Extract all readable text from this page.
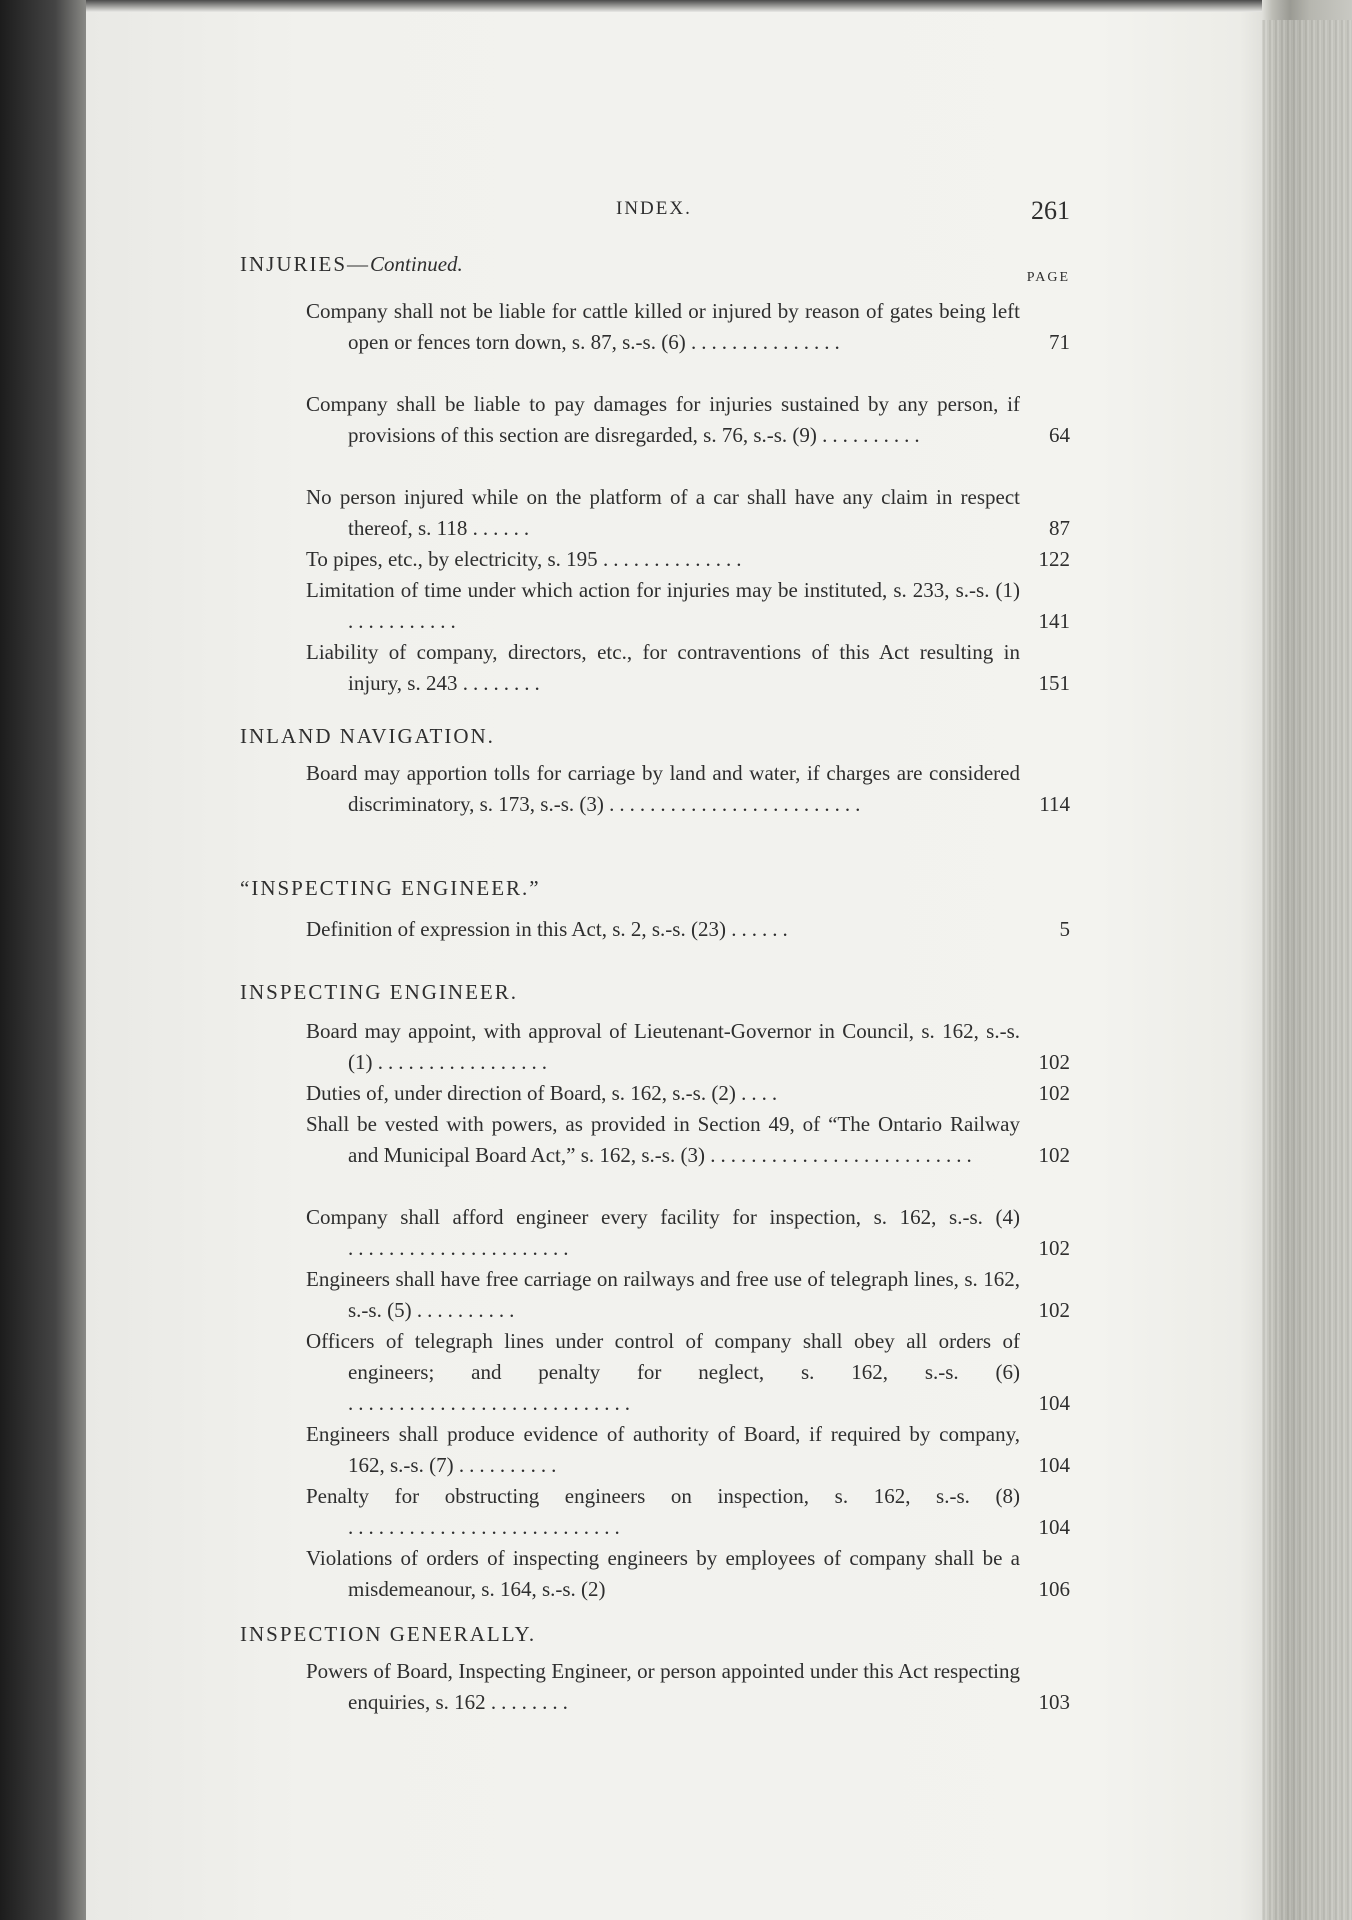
INDEX.	261
PAGE
INJURIES—Continued.
Company shall not be liable for cattle killed or injured by reason of gates being left open or fences torn down, s. 87, s.-s. (6) ...............	71
Company shall be liable to pay damages for injuries sustained by any person, if provisions of this section are disregarded, s. 76, s.-s. (9) ..........	64
No person injured while on the platform of a car shall have any claim in respect thereof, s. 118 ......	87
To pipes, etc., by electricity, s. 195 ..............	122
Limitation of time under which action for injuries may be instituted, s. 233, s.-s. (1) ...........	141
Liability of company, directors, etc., for contraventions of this Act resulting in injury, s. 243 ........	151
INLAND NAVIGATION.
Board may apportion tolls for carriage by land and water, if charges are considered discriminatory, s. 173, s.-s. (3) .........................	114
“INSPECTING ENGINEER.”
Definition of expression in this Act, s. 2, s.-s. (23) ......	5
INSPECTING ENGINEER.
Board may appoint, with approval of Lieutenant-Governor in Council, s. 162, s.-s. (1) .................	102
Duties of, under direction of Board, s. 162, s.-s. (2) ....	102
Shall be vested with powers, as provided in Section 49, of “The Ontario Railway and Municipal Board Act,” s. 162, s.-s. (3) ..........................	102
Company shall afford engineer every facility for inspection, s. 162, s.-s. (4) ......................	102
Engineers shall have free carriage on railways and free use of telegraph lines, s. 162, s.-s. (5) ..........	102
Officers of telegraph lines under control of company shall obey all orders of engineers; and penalty for neglect, s. 162, s.-s. (6) ............................	104
Engineers shall produce evidence of authority of Board, if required by company, 162, s.-s. (7) ..........	104
Penalty for obstructing engineers on inspection, s. 162, s.-s. (8) ...........................	104
Violations of orders of inspecting engineers by employees of company shall be a misdemeanour, s. 164, s.-s. (2)	106
INSPECTION GENERALLY.
Powers of Board, Inspecting Engineer, or person appointed under this Act respecting enquiries, s. 162 ........	103
